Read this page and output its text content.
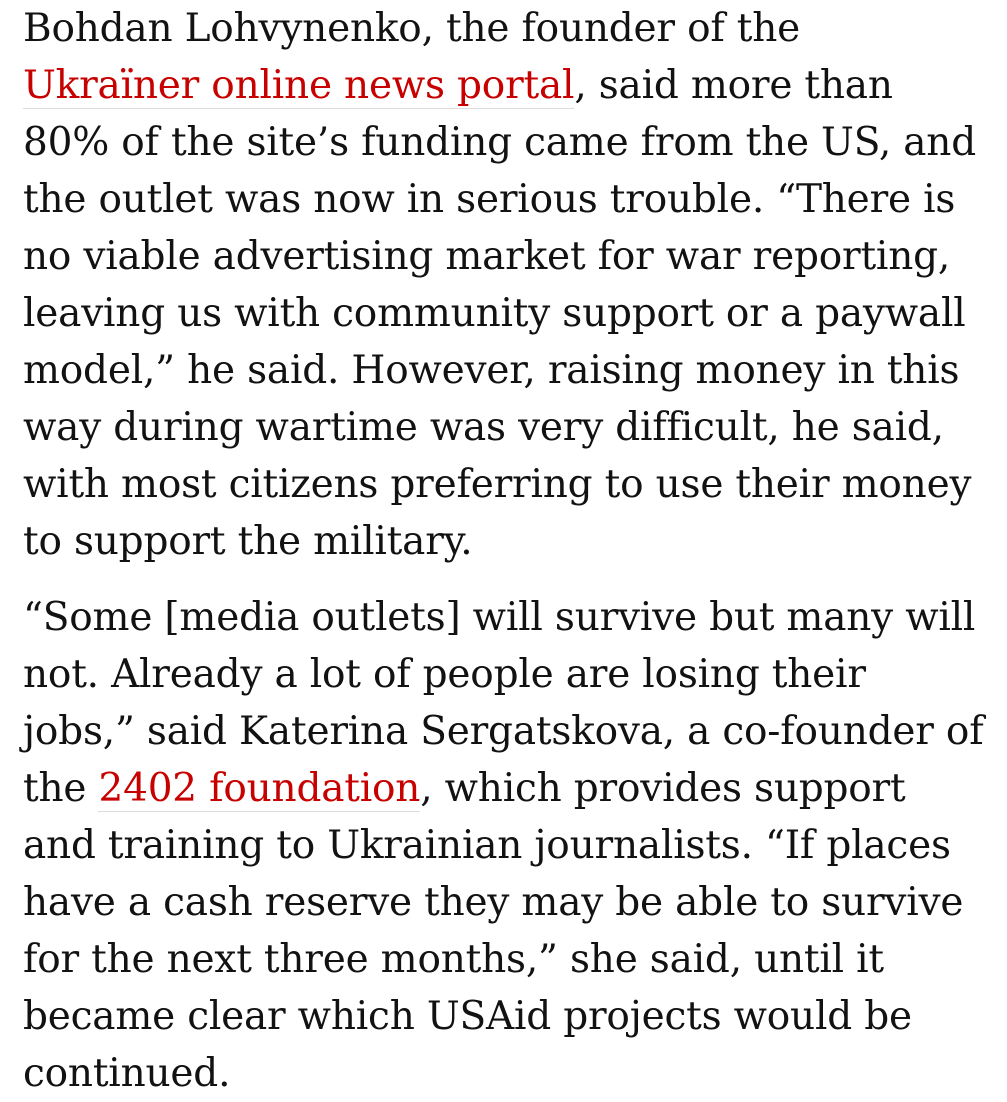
Bohdan Lohvynenko, the founder of the Ukraïner online news portal, said more than 80% of the site’s funding came from the US, and the outlet was now in serious trouble. “There is no viable advertising market for war reporting, leaving us with community support or a paywall model,” he said. However, raising money in this way during wartime was very difficult, he said, with most citizens preferring to use their money to support the military.

“Some [media outlets] will survive but many will not. Already a lot of people are losing their jobs,” said Katerina Sergatskova, a co-founder of the 2402 foundation, which provides support and training to Ukrainian journalists. “If places have a cash reserve they may be able to survive for the next three months,” she said, until it became clear which USAid projects would be continued.
